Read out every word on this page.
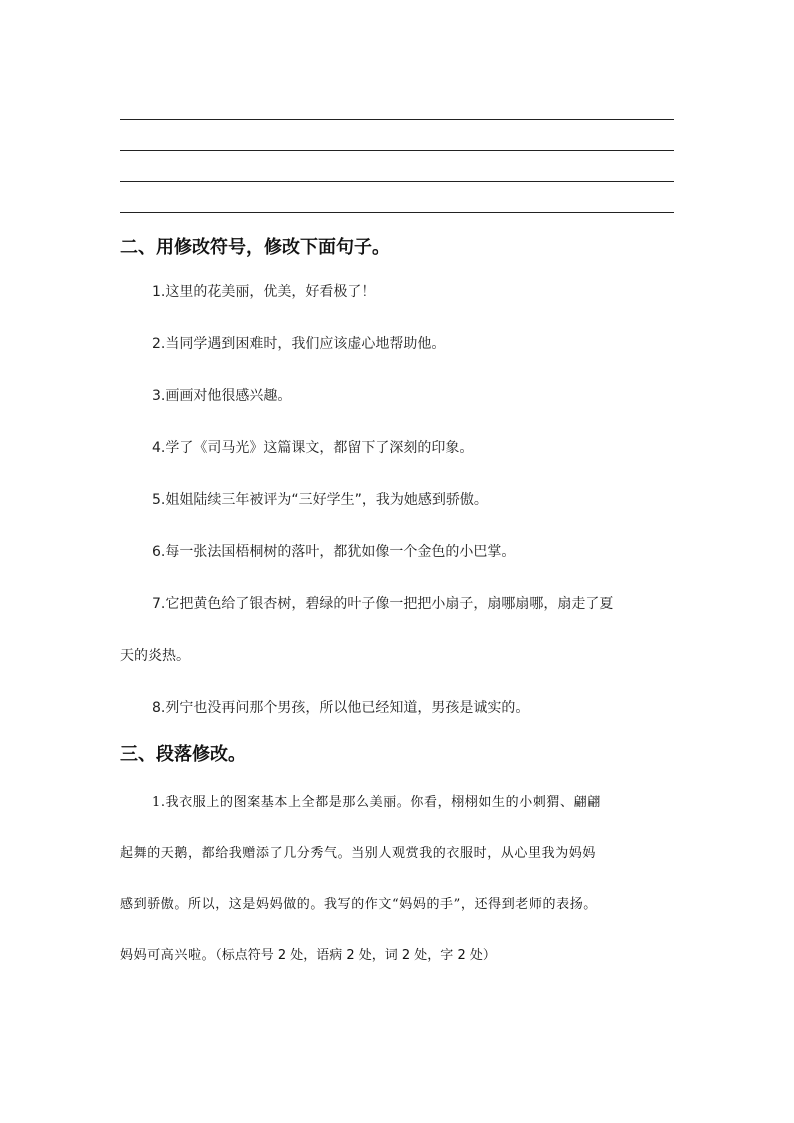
二、用修改符号，修改下面句子。
1.这里的花美丽，优美，好看极了！
2.当同学遇到困难时，我们应该虚心地帮助他。
3.画画对他很感兴趣。
4.学了《司马光》这篇课文，都留下了深刻的印象。
5.姐姐陆续三年被评为“三好学生”，我为她感到骄傲。
6.每一张法国梧桐树的落叶，都犹如像一个金色的小巴掌。
7.它把黄色给了银杏树，碧绿的叶子像一把把小扇子，扇哪扇哪，扇走了夏
天的炎热。
8.列宁也没再问那个男孩，所以他已经知道，男孩是诚实的。
三、段落修改。
1.我衣服上的图案基本上全都是那么美丽。你看，栩栩如生的小刺猬、翩翩
起舞的天鹅，都给我赠添了几分秀气。当别人观赏我的衣服时，从心里我为妈妈
感到骄傲。所以，这是妈妈做的。我写的作文“妈妈的手”，还得到老师的表扬。
妈妈可高兴啦。（标点符号 2 处，语病 2 处，词 2 处，字 2 处）
